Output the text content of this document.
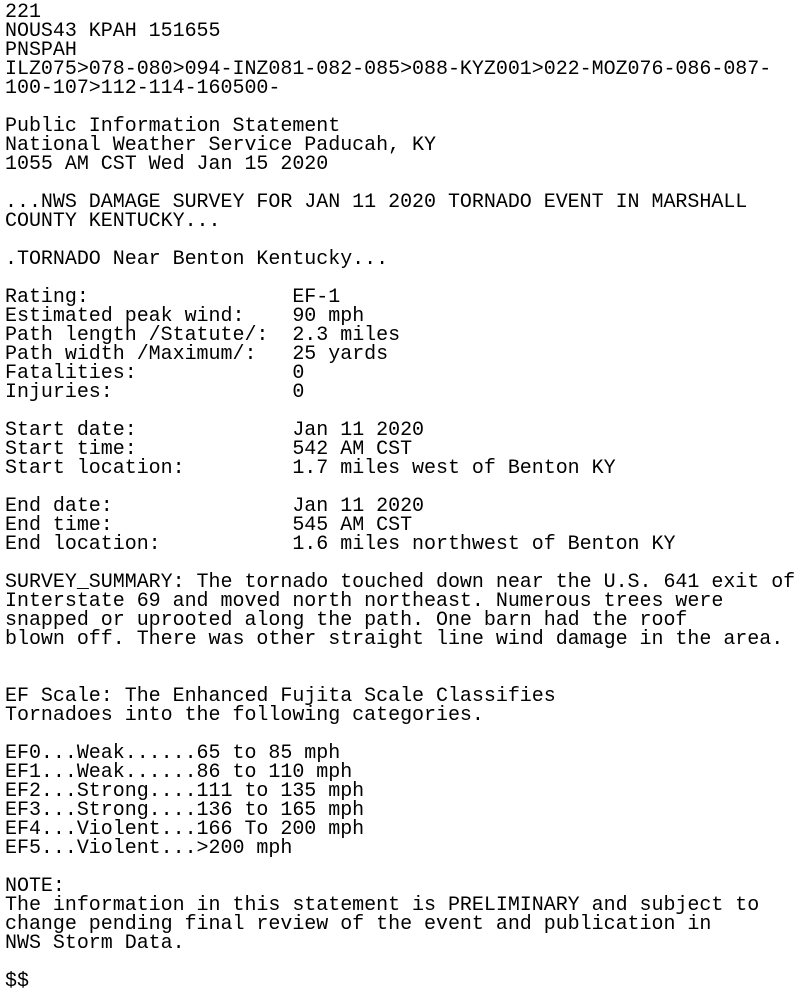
221
NOUS43 KPAH 151655
PNSPAH
ILZ075>078-080>094-INZ081-082-085>088-KYZ001>022-MOZ076-086-087-
100-107>112-114-160500-
Public Information Statement
National Weather Service Paducah, KY
1055 AM CST Wed Jan 15 2020
...NWS DAMAGE SURVEY FOR JAN 11 2020 TORNADO EVENT IN MARSHALL
COUNTY KENTUCKY...
.TORNADO Near Benton Kentucky...
Rating:                 EF-1
Estimated peak wind:    90 mph
Path length /Statute/:  2.3 miles
Path width /Maximum/:   25 yards
Fatalities:             0
Injuries:               0
Start date:             Jan 11 2020
Start time:             542 AM CST
Start location:         1.7 miles west of Benton KY
End date:               Jan 11 2020
End time:               545 AM CST
End location:           1.6 miles northwest of Benton KY
SURVEY_SUMMARY: The tornado touched down near the U.S. 641 exit of
Interstate 69 and moved north northeast. Numerous trees were
snapped or uprooted along the path. One barn had the roof
blown off. There was other straight line wind damage in the area.
EF Scale: The Enhanced Fujita Scale Classifies
Tornadoes into the following categories.
EF0...Weak......65 to 85 mph
EF1...Weak......86 to 110 mph
EF2...Strong....111 to 135 mph
EF3...Strong....136 to 165 mph
EF4...Violent...166 To 200 mph
EF5...Violent...>200 mph
NOTE:
The information in this statement is PRELIMINARY and subject to
change pending final review of the event and publication in
NWS Storm Data.
$$
